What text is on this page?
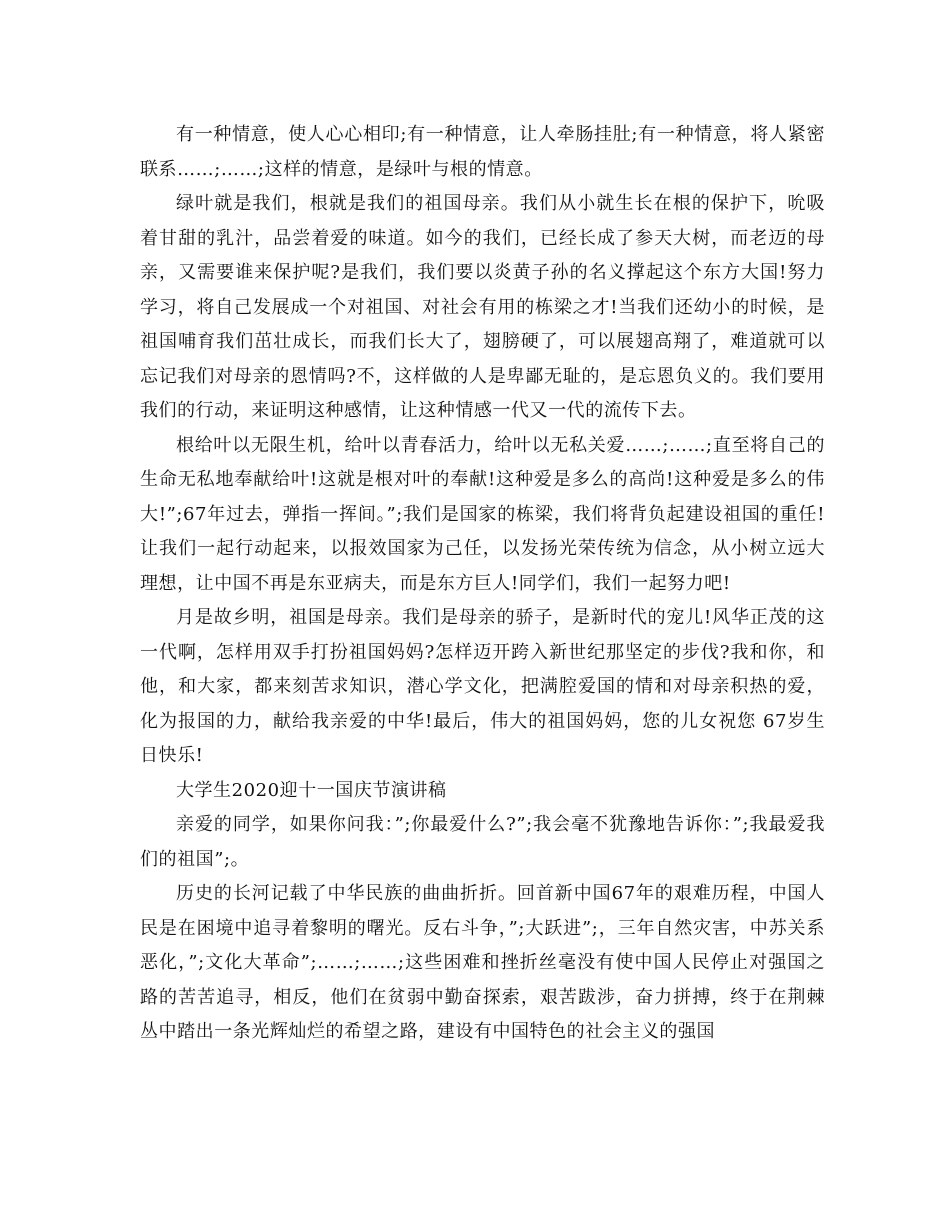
有一种情意，使人心心相印;有一种情意，让人牵肠挂肚;有一种情意，将人紧密联系……;……;这样的情意，是绿叶与根的情意。

绿叶就是我们，根就是我们的祖国母亲。我们从小就生长在根的保护下，吮吸着甘甜的乳汁，品尝着爱的味道。如今的我们，已经长成了参天大树，而老迈的母亲，又需要谁来保护呢?是我们，我们要以炎黄子孙的名义撑起这个东方大国!努力学习，将自己发展成一个对祖国、对社会有用的栋梁之才!当我们还幼小的时候，是祖国哺育我们茁壮成长，而我们长大了，翅膀硬了，可以展翅高翔了，难道就可以忘记我们对母亲的恩情吗?不，这样做的人是卑鄙无耻的，是忘恩负义的。我们要用我们的行动，来证明这种感情，让这种情感一代又一代的流传下去。

根给叶以无限生机，给叶以青春活力，给叶以无私关爱……;……;直至将自己的生命无私地奉献给叶!这就是根对叶的奉献!这种爱是多么的高尚!这种爱是多么的伟大!”;67年过去，弹指一挥间。”;我们是国家的栋梁，我们将背负起建设祖国的重任!让我们一起行动起来，以报效国家为己任，以发扬光荣传统为信念，从小树立远大理想，让中国不再是东亚病夫，而是东方巨人!同学们，我们一起努力吧!

月是故乡明，祖国是母亲。我们是母亲的骄子，是新时代的宠儿!风华正茂的这一代啊，怎样用双手打扮祖国妈妈?怎样迈开跨入新世纪那坚定的步伐?我和你，和他，和大家，都来刻苦求知识，潜心学文化，把满腔爱国的情和对母亲积热的爱，化为报国的力，献给我亲爱的中华!最后，伟大的祖国妈妈，您的儿女祝您 67岁生日快乐!

大学生2020迎十一国庆节演讲稿

亲爱的同学，如果你问我：”;你最爱什么?”;我会毫不犹豫地告诉你：”;我最爱我们的祖国”;。

历史的长河记载了中华民族的曲曲折折。回首新中国67年的艰难历程，中国人民是在困境中追寻着黎明的曙光。反右斗争，”;大跃进”;，三年自然灾害，中苏关系恶化，”;文化大革命”;……;……;这些困难和挫折丝毫没有使中国人民停止对强国之路的苦苦追寻，相反，他们在贫弱中勤奋探索，艰苦跋涉，奋力拼搏，终于在荆棘丛中踏出一条光辉灿烂的希望之路，建设有中国特色的社会主义的强国
